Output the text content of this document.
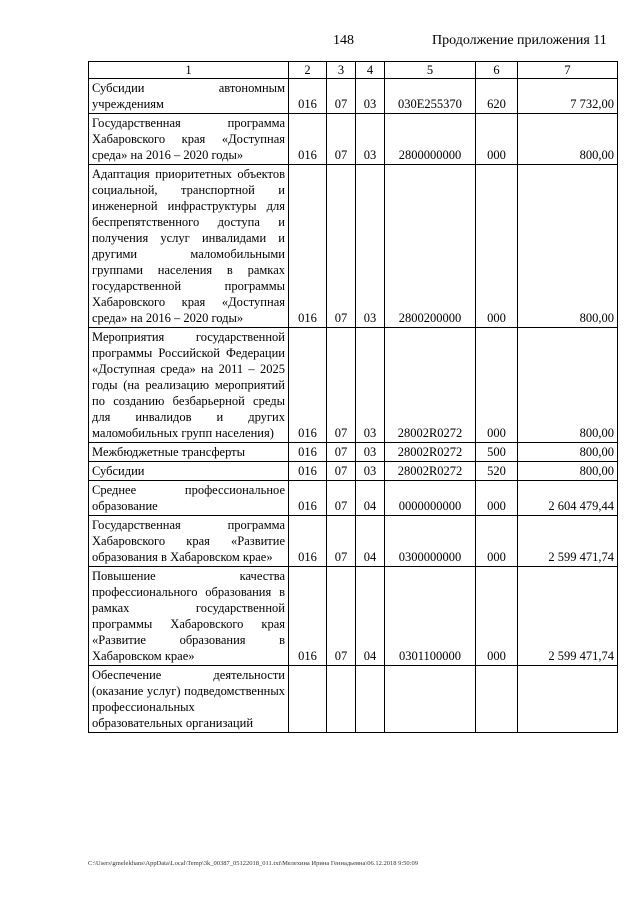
148	Продолжение приложения 11
1	2	3	4	5	6	7
Субсидии автономным учреждениям	016	07	03	030E255370	620	7 732,00
Государственная программа Хабаровского края «Доступная среда» на 2016 – 2020 годы»	016	07	03	2800000000	000	800,00
Адаптация приоритетных объектов социальной, транспортной и инженерной инфраструктуры для беспрепятственного доступа и получения услуг инвалидами и другими маломобильными группами населения в рамках государственной программы Хабаровского края «Доступная среда» на 2016 – 2020 годы»	016	07	03	2800200000	000	800,00
Мероприятия государственной программы Российской Федерации «Доступная среда» на 2011 – 2025 годы (на реализацию мероприятий по созданию безбарьерной среды для инвалидов и других маломобильных групп населения)	016	07	03	28002R0272	000	800,00
Межбюджетные трансферты	016	07	03	28002R0272	500	800,00
Субсидии	016	07	03	28002R0272	520	800,00
Среднее профессиональное образование	016	07	04	0000000000	000	2 604 479,44
Государственная программа Хабаровского края «Развитие образования в Хабаровском крае»	016	07	04	0300000000	000	2 599 471,74
Повышение качества профессионального образования в рамках государственной программы Хабаровского края «Развитие образования в Хабаровском крае»	016	07	04	0301100000	000	2 599 471,74
Обеспечение деятельности (оказание услуг) подведомственных профессиональных образовательных организаций						
C:\Users\gmelekhans\AppData\Local\Temp\3k_00387_05122018_011.txt\Мелехина Ирина Геннадьевна\06.12.2018 9:50:09
